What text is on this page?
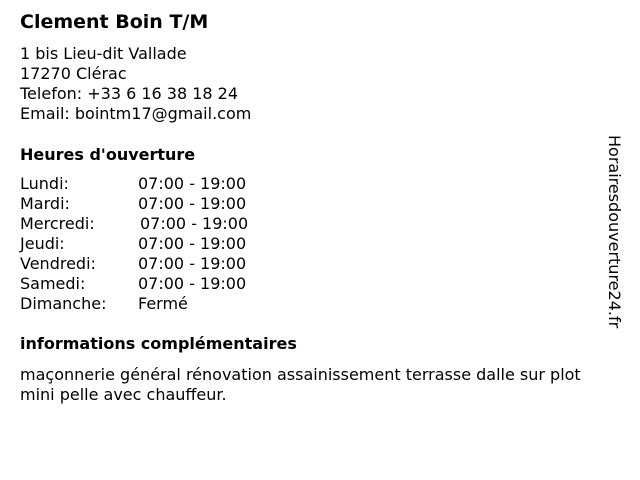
Clement Boin T/M
1 bis Lieu-dit Vallade
17270 Clérac
Telefon: +33 6 16 38 18 24
Email: bointm17@gmail.com
Heures d'ouverture
Lundi:	07:00 - 19:00
Mardi:	07:00 - 19:00
Mercredi:	07:00 - 19:00
Jeudi:	07:00 - 19:00
Vendredi:	07:00 - 19:00
Samedi:	07:00 - 19:00
Dimanche: Fermé
informations complémentaires
maçonnerie général rénovation assainissement terrasse dalle sur plot
mini pelle avec chauffeur.
Horairesdouverture24.fr
